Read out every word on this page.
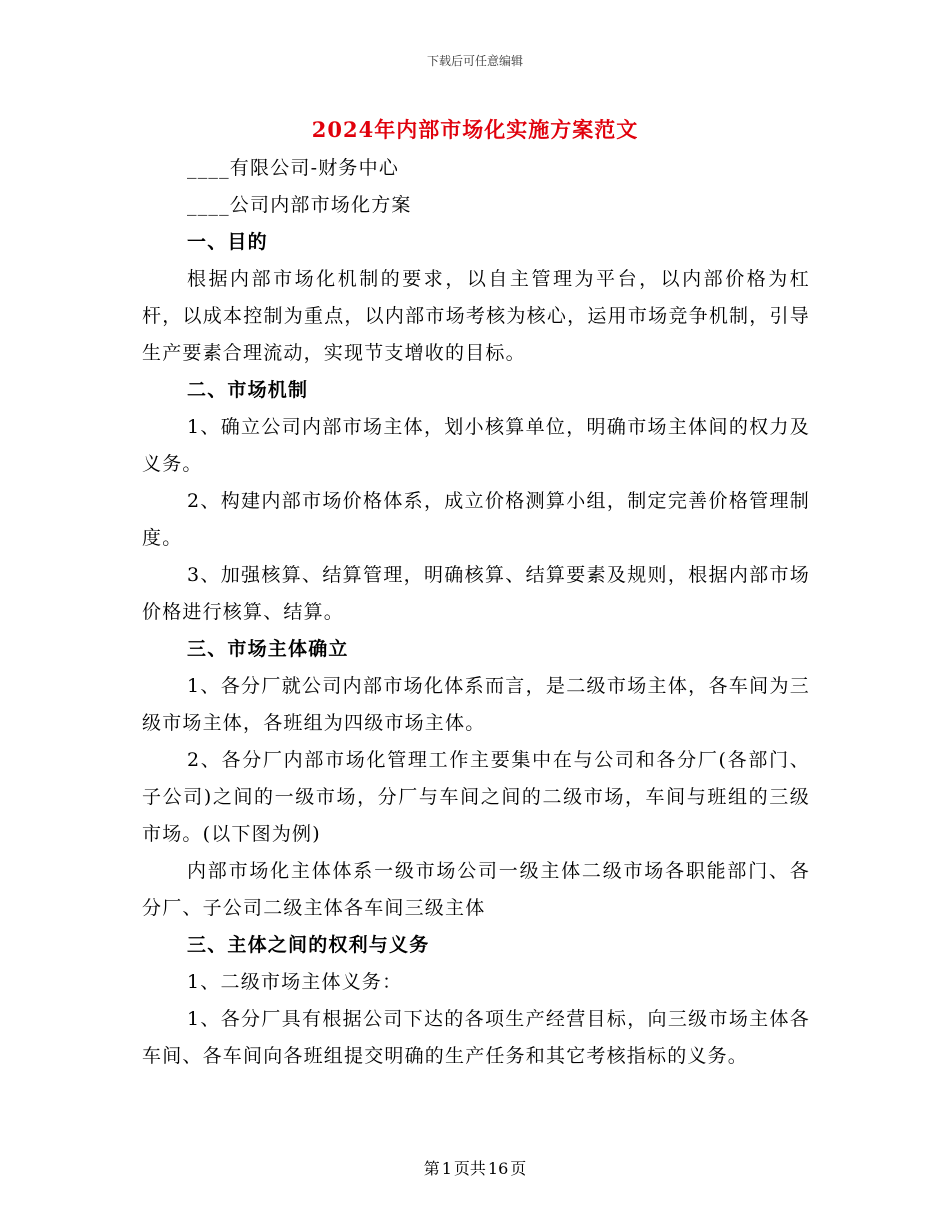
下载后可任意编辑
2024年内部市场化实施方案范文

____有限公司-财务中心

____公司内部市场化方案

一、目的

根据内部市场化机制的要求，以自主管理为平台，以内部价格为杠杆，以成本控制为重点，以内部市场考核为核心，运用市场竞争机制，引导生产要素合理流动，实现节支增收的目标。

二、市场机制

1、确立公司内部市场主体，划小核算单位，明确市场主体间的权力及义务。

2、构建内部市场价格体系，成立价格测算小组，制定完善价格管理制度。

3、加强核算、结算管理，明确核算、结算要素及规则，根据内部市场价格进行核算、结算。

三、市场主体确立

1、各分厂就公司内部市场化体系而言，是二级市场主体，各车间为三级市场主体，各班组为四级市场主体。

2、各分厂内部市场化管理工作主要集中在与公司和各分厂(各部门、子公司)之间的一级市场，分厂与车间之间的二级市场，车间与班组的三级市场。(以下图为例)

内部市场化主体体系一级市场公司一级主体二级市场各职能部门、各分厂、子公司二级主体各车间三级主体

三、主体之间的权利与义务

1、二级市场主体义务：

1、各分厂具有根据公司下达的各项生产经营目标，向三级市场主体各车间、各车间向各班组提交明确的生产任务和其它考核指标的义务。

第 1 页共 16 页
